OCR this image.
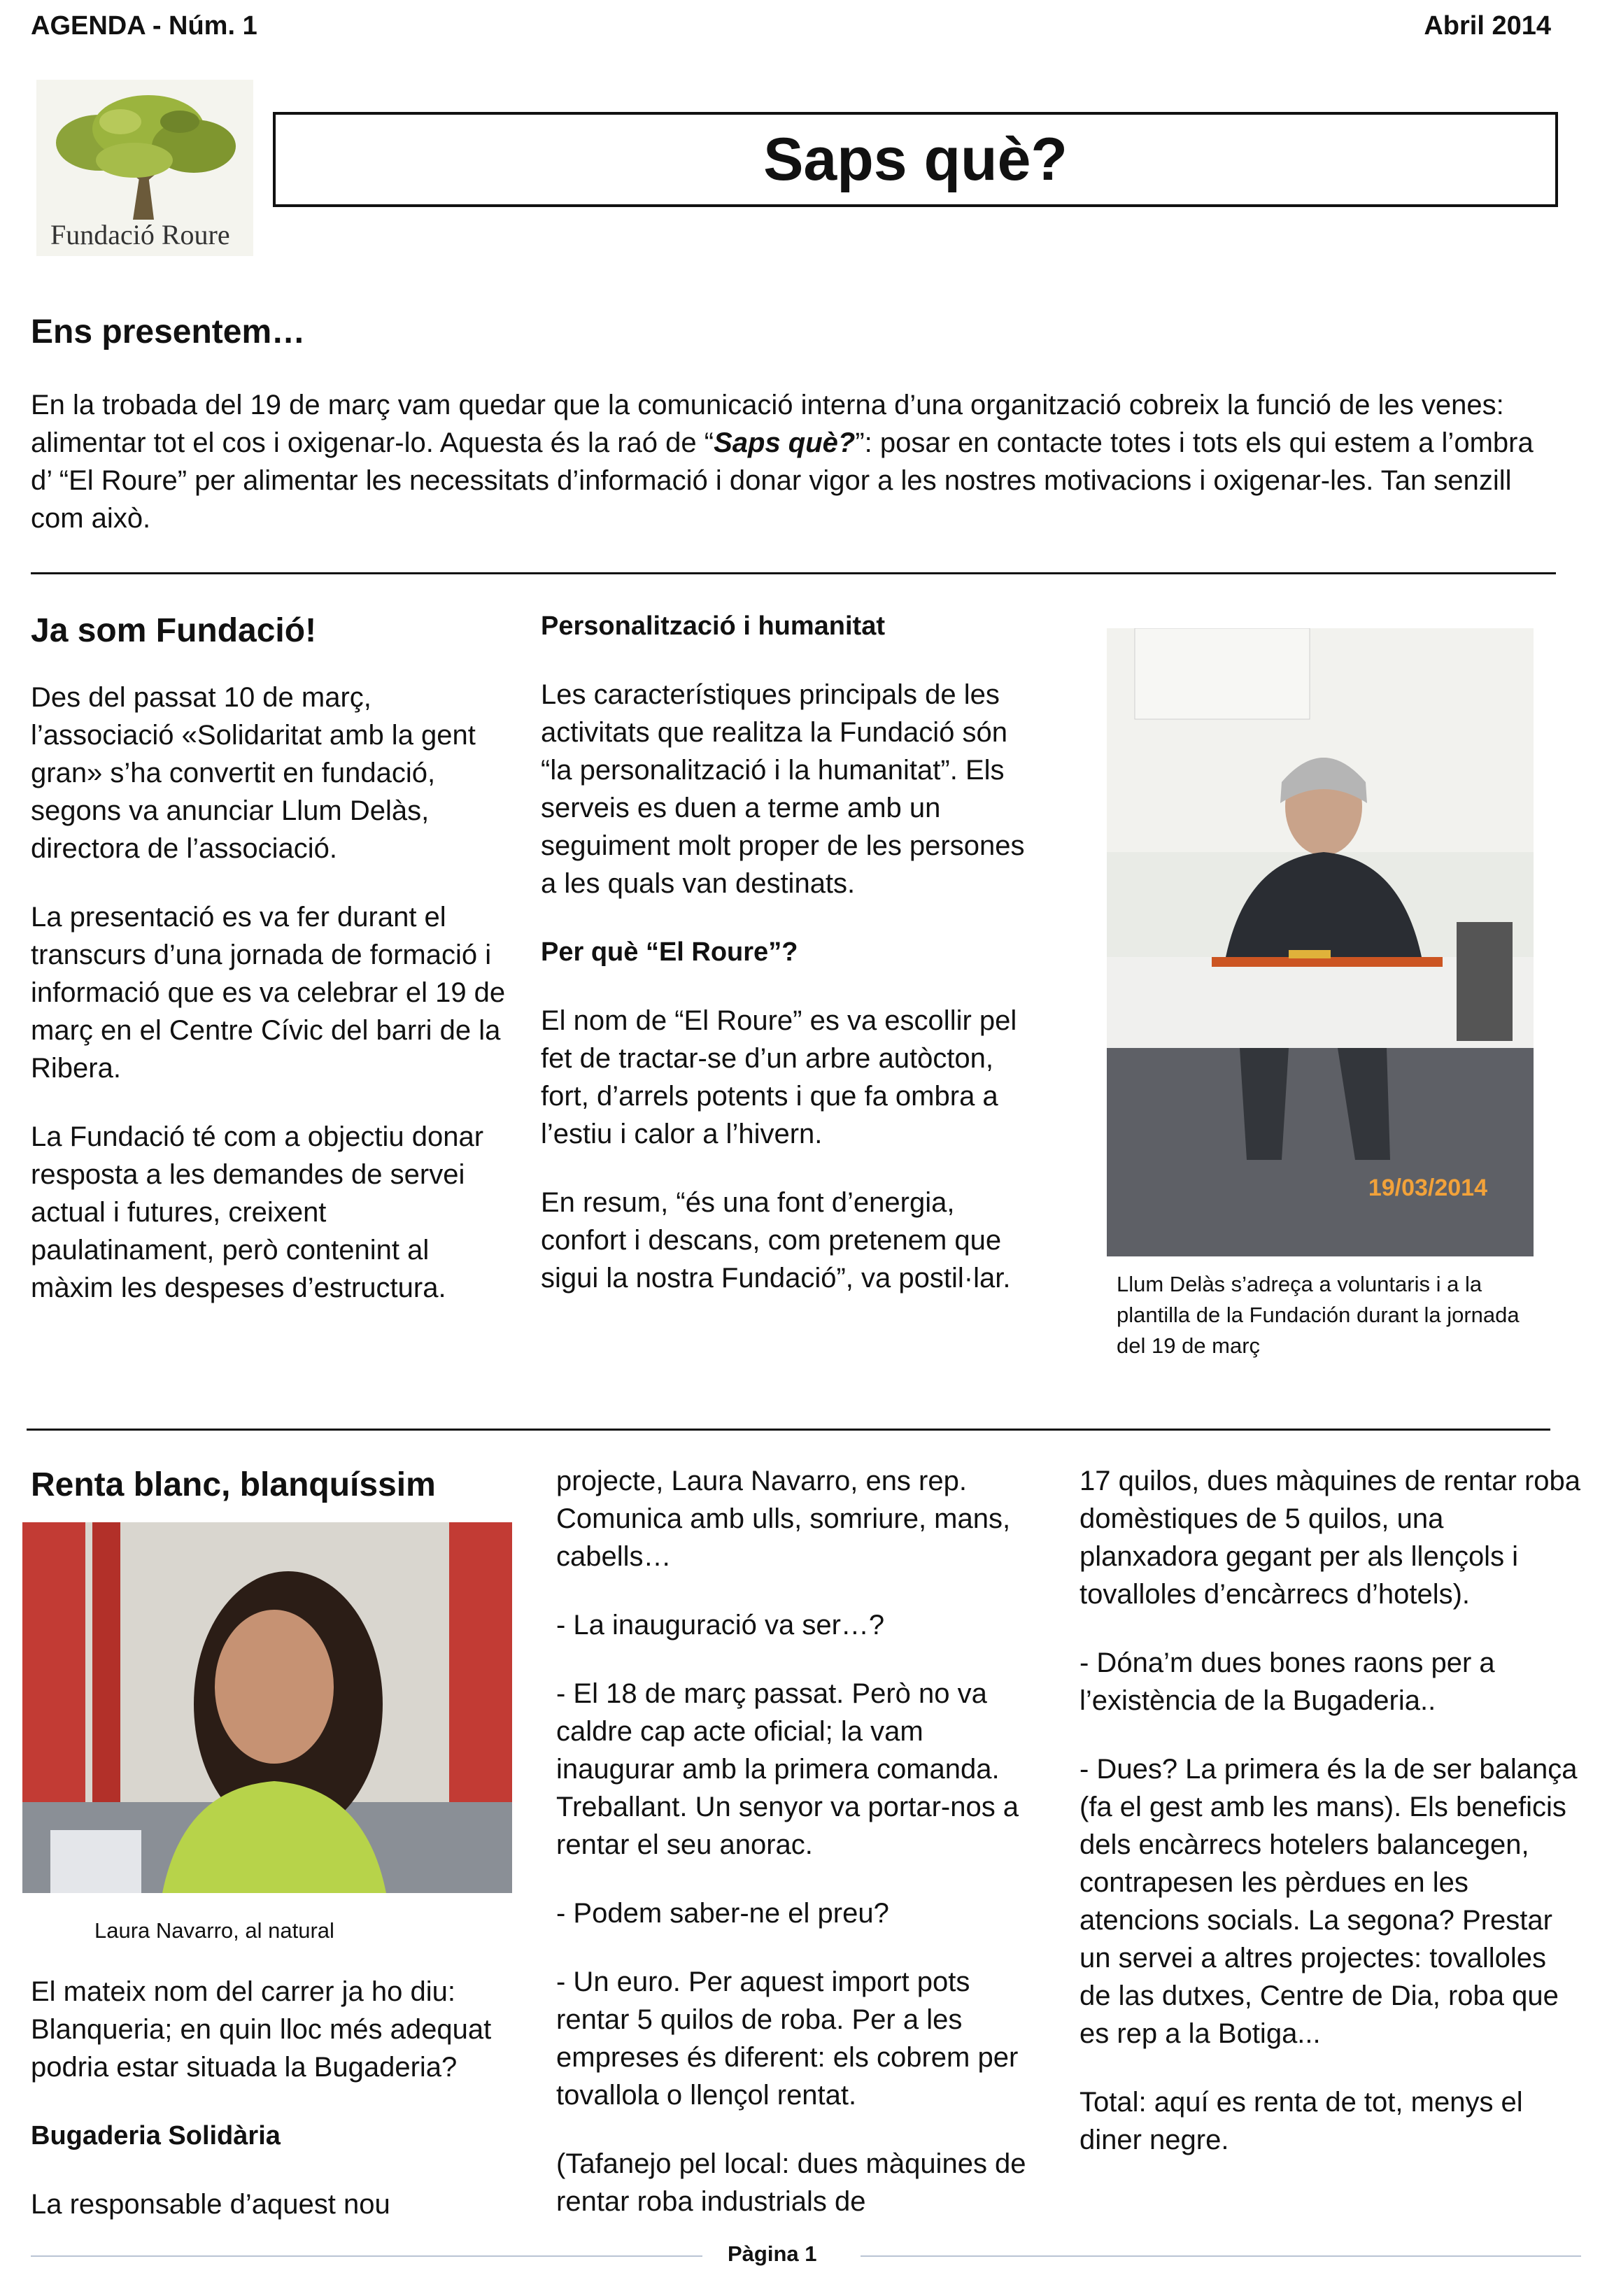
AGENDA - Núm. 1	Abril 2014
Fundació Roure
Saps què?
Ens presentem…
En la trobada del 19 de març vam quedar que la comunicació interna d’una organització cobreix la funció de les venes: alimentar tot el cos i oxigenar-lo. Aquesta és la raó de “Saps què?”: posar en contacte totes i tots els qui estem a l’ombra d’ “El Roure” per alimentar les necessitats d’informació i donar vigor a les nostres motivacions i oxigenar-les. Tan senzill com això.
Ja som Fundació!

Des del passat 10 de març, l’associació «Solidaritat amb la gent gran» s’ha convertit en fundació, segons va anunciar Llum Delàs, directora de l’associació.

La presentació es va fer durant el transcurs d’una jornada de formació i informació que es va celebrar el 19 de març en el Centre Cívic del barri de la Ribera.

La Fundació té com a objectiu donar resposta a les demandes de servei actual i futures, creixent paulatinament, però contenint al màxim les despeses d’estructura.

Personalització i humanitat

Les característiques principals de les activitats que realitza la Fundació són “la personalització i la humanitat”. Els serveis es duen a terme amb un seguiment molt proper de les persones a les quals van destinats.

Per què “El Roure”?

El nom de “El Roure” es va escollir pel fet de tractar-se d’un arbre autòcton, fort, d’arrels potents i que fa ombra a l’estiu i calor a l’hivern.

En resum, “és una font d’energia, confort i descans, com pretenem que sigui la nostra Fundació”, va postil·lar.

19/03/2014
Llum Delàs s’adreça a voluntaris i a la plantilla de la Fundación durant la jornada del 19 de març
Renta blanc, blanquíssim
Laura Navarro, al natural

El mateix nom del carrer ja ho diu: Blanqueria; en quin lloc més adequat podria estar situada la Bugaderia?

Bugaderia Solidària

La responsable d’aquest nou

projecte, Laura Navarro, ens rep. Comunica amb ulls, somriure, mans, cabells…

- La inauguració va ser…?

- El 18 de març passat. Però no va caldre cap acte oficial; la vam inaugurar amb la primera comanda. Treballant. Un senyor va portar-nos a rentar el seu anorac.

- Podem saber-ne el preu?

- Un euro. Per aquest import pots rentar 5 quilos de roba. Per a les empreses és diferent: els cobrem per tovallola o llençol rentat.

(Tafanejo pel local: dues màquines de rentar roba industrials de

17 quilos, dues màquines de rentar roba domèstiques de 5 quilos, una planxadora gegant per als llençols i tovalloles d’encàrrecs d’hotels).

- Dóna’m dues bones raons per a l’existència de la Bugaderia..

- Dues? La primera és la de ser balança (fa el gest amb les mans). Els beneficis dels encàrrecs hotelers balancegen, contrapesen les pèrdues en les atencions socials. La segona? Prestar un servei a altres projectes: tovalloles de las dutxes, Centre de Dia, roba que es rep a la Botiga...

Total: aquí es renta de tot, menys el diner negre.

Pàgina 1
